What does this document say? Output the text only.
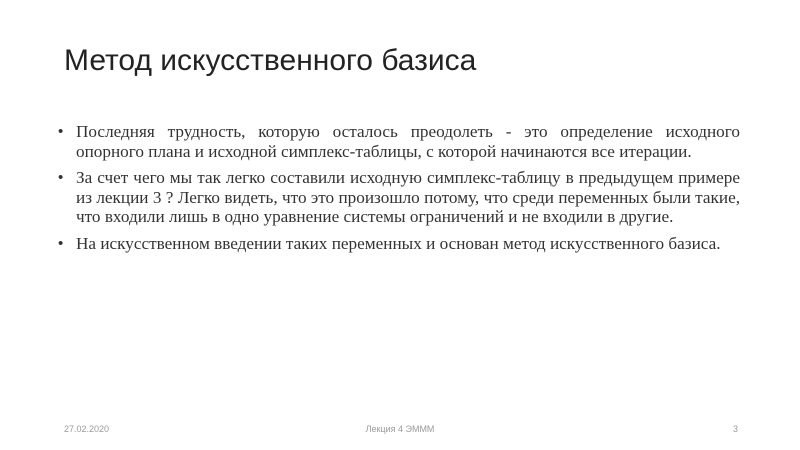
Метод искусственного базиса
• Последняя трудность, которую осталось преодолеть - это определение исходного опорного плана и исходной симплекс-таблицы, с которой начинаются все итерации.
• За счет чего мы так легко составили исходную симплекс-таблицу в предыдущем примере из лекции 3 ? Легко видеть, что это произошло потому, что среди переменных были такие, что входили лишь в одно уравнение системы ограничений и не входили в другие.
• На искусственном введении таких переменных и основан метод искусственного базиса.
27.02.2020	Лекция 4 ЭМММ	3
